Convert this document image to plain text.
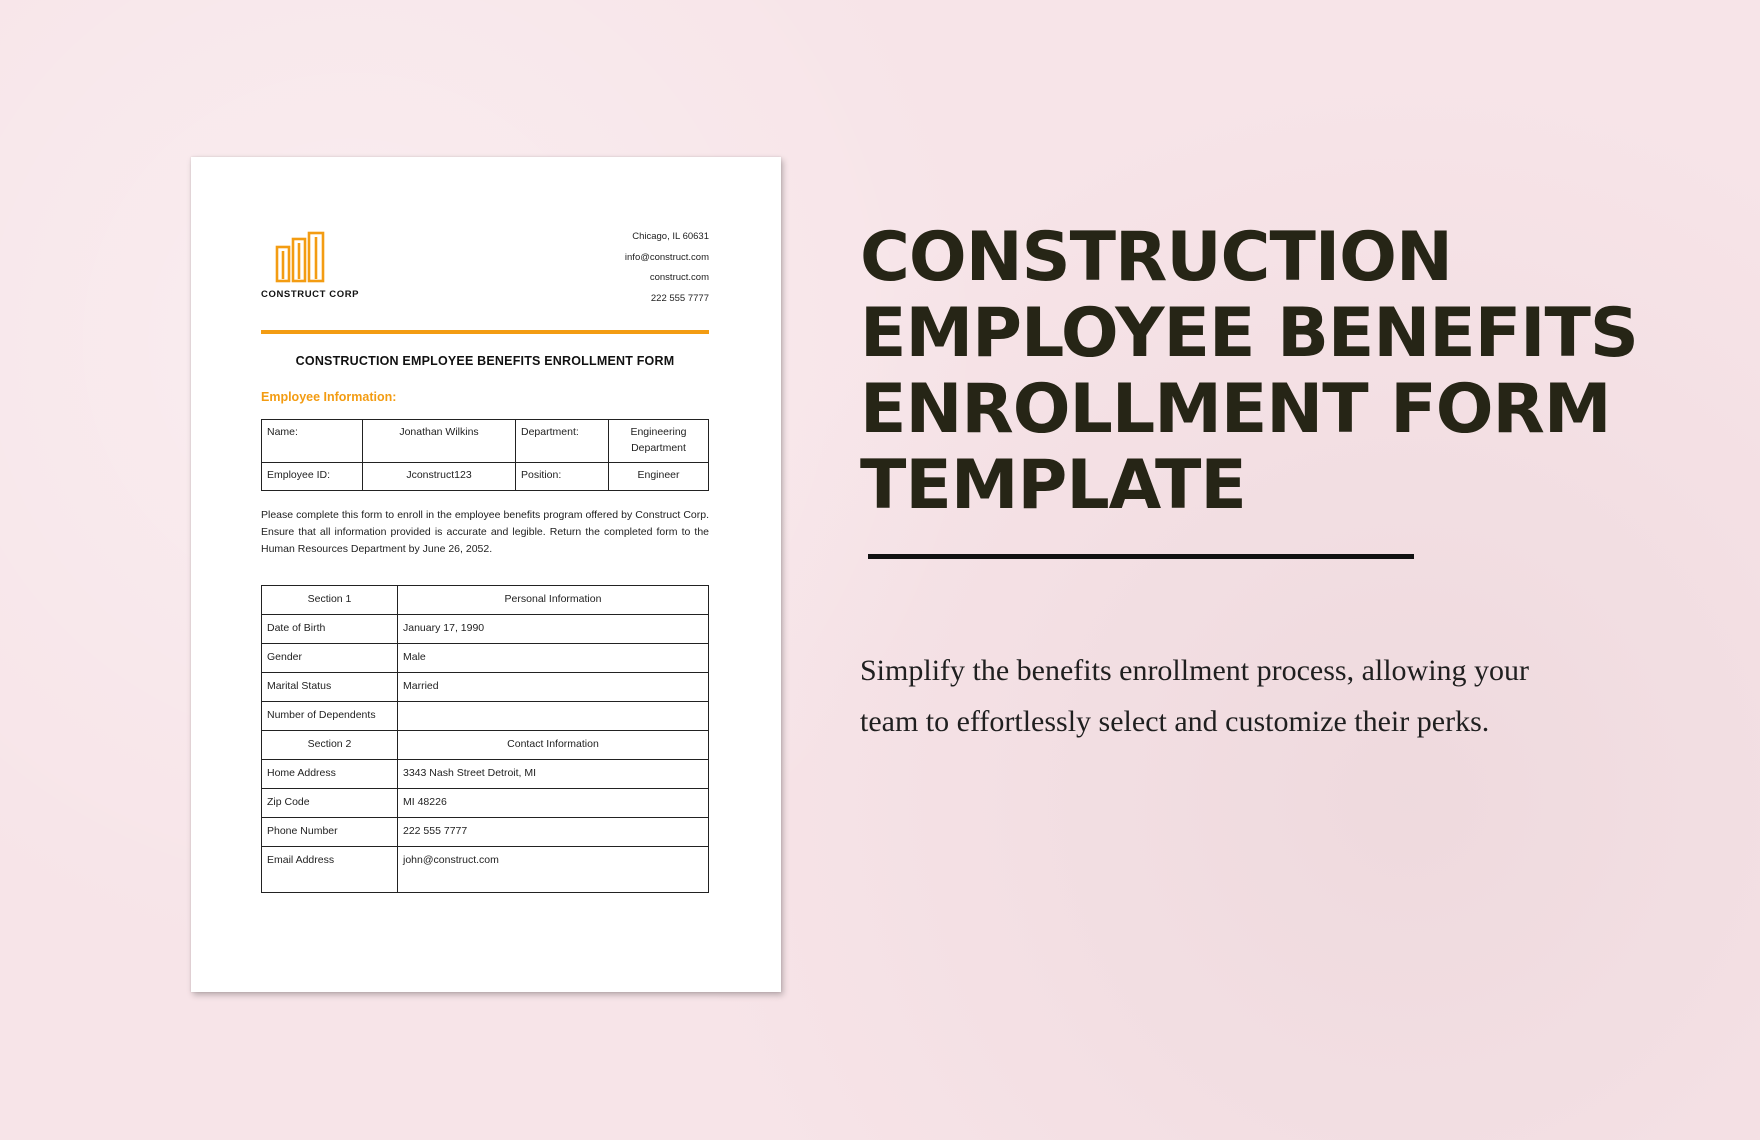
CONSTRUCT CORP
Chicago, IL 60631
info@construct.com
construct.com
222 555 7777
CONSTRUCTION EMPLOYEE BENEFITS ENROLLMENT FORM
Employee Information:
Name:	Jonathan Wilkins	Department:	Engineering Department
Employee ID:	Jconstruct123	Position:	Engineer
Please complete this form to enroll in the employee benefits program offered by Construct Corp. Ensure that all information provided is accurate and legible. Return the completed form to the Human Resources Department by June 26, 2052.
Section 1	Personal Information
Date of Birth	January 17, 1990
Gender	Male
Marital Status	Married
Number of Dependents	
Section 2	Contact Information
Home Address	3343 Nash Street Detroit, MI
Zip Code	MI 48226
Phone Number	222 555 7777
Email Address	john@construct.com
CONSTRUCTION
EMPLOYEE BENEFITS
ENROLLMENT FORM
TEMPLATE
Simplify the benefits enrollment process, allowing your team to effortlessly select and customize their perks.
